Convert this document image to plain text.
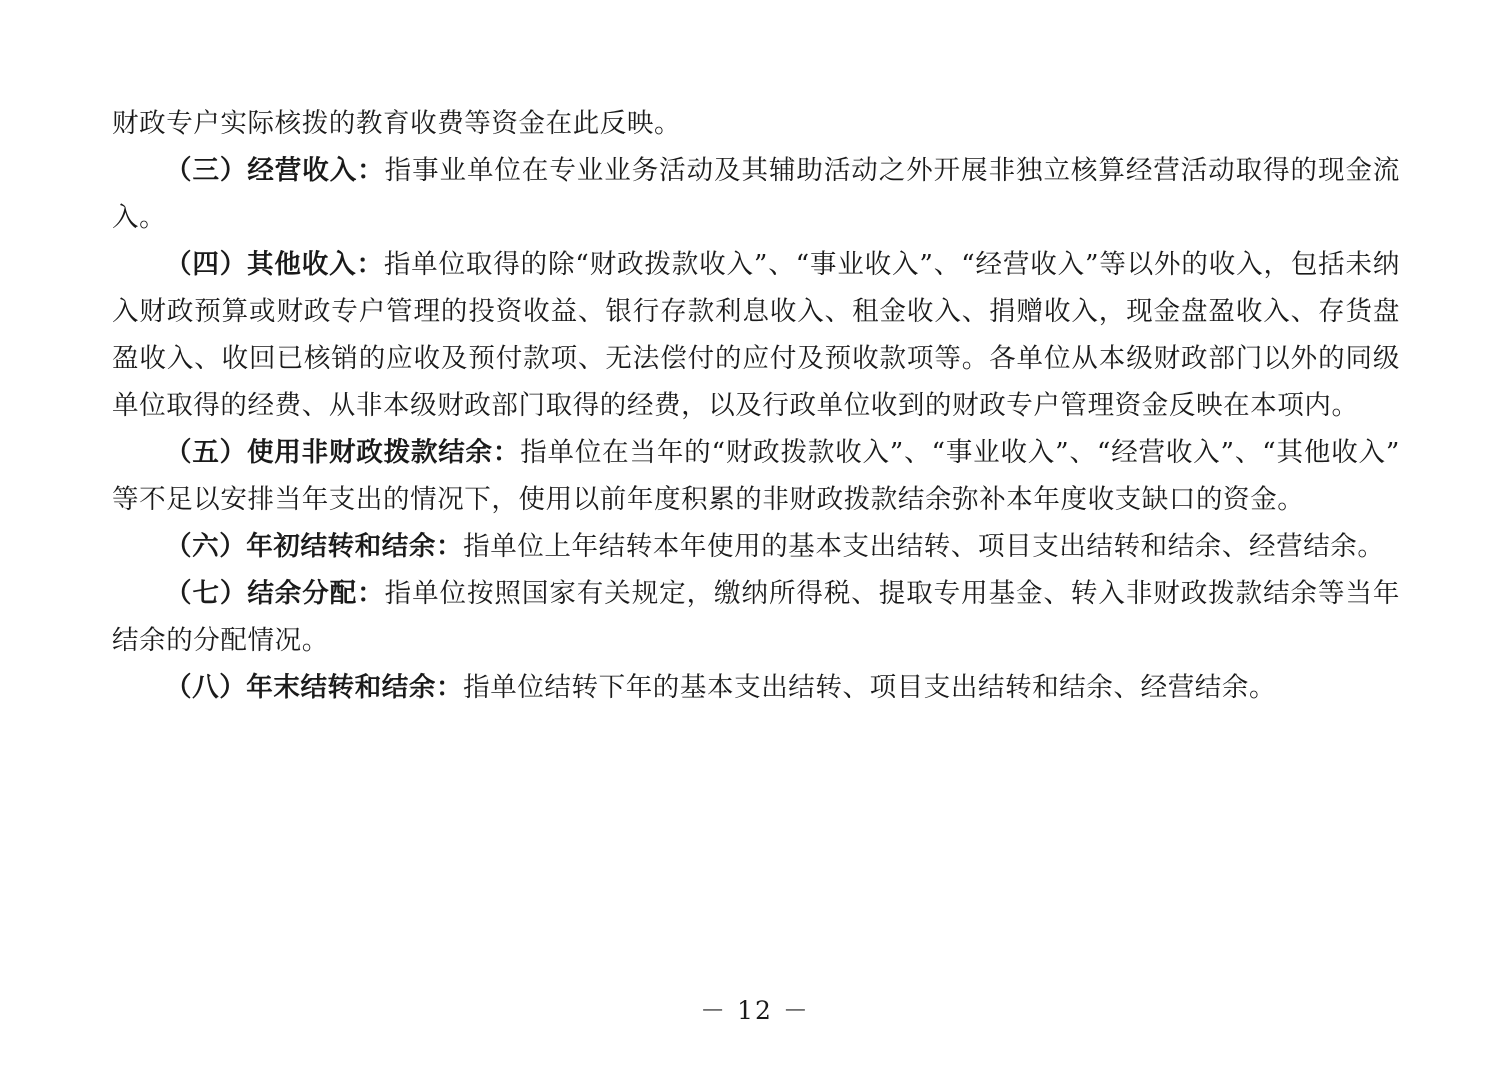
财政专户实际核拨的教育收费等资金在此反映。

（三）经营收入：指事业单位在专业业务活动及其辅助活动之外开展非独立核算经营活动取得的现金流入。

（四）其他收入：指单位取得的除“财政拨款收入”、“事业收入”、“经营收入”等以外的收入，包括未纳入财政预算或财政专户管理的投资收益、银行存款利息收入、租金收入、捐赠收入，现金盘盈收入、存货盘盈收入、收回已核销的应收及预付款项、无法偿付的应付及预收款项等。各单位从本级财政部门以外的同级单位取得的经费、从非本级财政部门取得的经费，以及行政单位收到的财政专户管理资金反映在本项内。

（五）使用非财政拨款结余：指单位在当年的“财政拨款收入”、“事业收入”、“经营收入”、“其他收入”等不足以安排当年支出的情况下，使用以前年度积累的非财政拨款结余弥补本年度收支缺口的资金。

（六）年初结转和结余：指单位上年结转本年使用的基本支出结转、项目支出结转和结余、经营结余。

（七）结余分配：指单位按照国家有关规定，缴纳所得税、提取专用基金、转入非财政拨款结余等当年结余的分配情况。

（八）年末结转和结余：指单位结转下年的基本支出结转、项目支出结转和结余、经营结余。

－ 12 －
